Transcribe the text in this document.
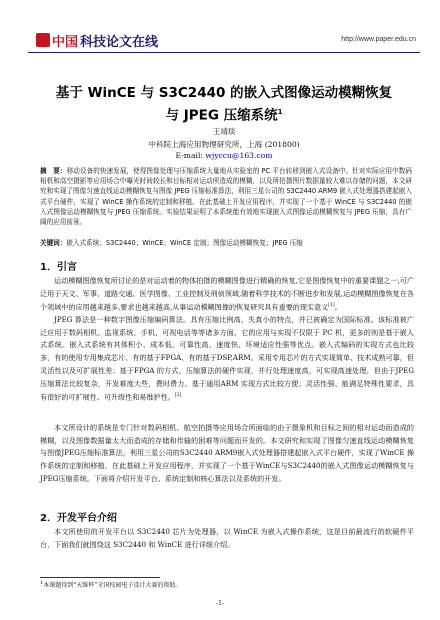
中国 科技论文在线	http://www.paper.edu.cn
基于 WinCE 与 S3C2440 的嵌入式图像运动模糊恢复
与 JPEG 压缩系统$^1$
王靖琰
中科院上海应用物理研究所，上海 (201800)
E-mail: wjyccu@163.com
摘　要：移动设备的快速发展，使得图像处理与压缩系统大量地从实验室的 PC 平台转移到嵌入式设备中。针对实际应用中数码相机和高空摄影等应用场合中曝光时间较长和目标相对运动所造成的模糊，以及所拍摄图片数据量较大难以存储的问题，本文研究和实现了图像匀速直线运动模糊恢复与图像 JPEG 压缩标准算法，利用三星公司的 S3C2440 ARM9 嵌入式处理器搭建起嵌入式平台硬件，实现了 WinCE 操作系统的定制和移植。在此基础上开发应用程序，并实现了一个基于 WinCE 与 S3C2440 的嵌入式图像运动模糊恢复与 JPEG 压缩系统。实验结果证明了本系统能有效地实现嵌入式图像运动模糊恢复与 JPEG 压缩，具有广阔的应用前景。
关键词：嵌入式系统；S3C2440；WinCE；WinCE 定制；图像运动模糊恢复；JPEG 压缩
1．引言
运动模糊图像恢复所讨论的是对运动着的物体拍摄的模糊图像进行精确的恢复,它是图像恢复中的重要课题之一,可广泛用于天文、军事、道路交通、医学图像、工业控制及刑侦领域,随着科学技术的不断进步和发展,运动模糊图像恢复在各个领域中的应用越来越多,要求也越来越高,从事运动模糊图像的恢复研究具有重要的现实意义[1]。
JPEG 算法是一种数字图像压缩编码算法。具有压缩比例高、失真小的特点，并已被确定为国际标准。该标准被广泛应用于数码相机、监视系统、手机、可视电话等等诸多方面。它的应用与实现不仅限于 PC 机，更多的则是基于嵌入式系统。嵌入式系统有其体积小、成本低、可靠性高、速度快、环境适应性强等优点。嵌入式编码的实现方式也比较多，有的使用专用集成芯片、有的基于FPGA、有的基于DSP,ARM。采用专用芯片的方式实现简单、技术成熟可靠，但灵活性以及可扩展性差；基于FPGA 的方式，压缩算法的硬件实现，并行处理速度高，可实现高速处理，但由于JPEG 压缩算法比较复杂，开发难度大些，费时费力。基于通用ARM 实现方式比较方便；灵活性强、能满足特殊性要求，具有很好的可扩展性、可升级性和易维护性。[2]
本文所设计的系统是专门针对数码相机、航空拍摄等应用场合所面临的由于摄象机和目标之间的相对运动而造成的模糊，以及图像数据量太大而造成的存储和传输的困难等问题而开发的。本文研究和实现了图像匀速直线运动模糊恢复与图像JPEG压缩标准算法，利用三星公司的S3C2440 ARM9嵌入式处理器搭建起嵌入式平台硬件，实现了WinCE 操作系统的定制和移植，在此基础上开发应用程序，并实现了一个基于WinCE与S3C2440的嵌入式图像运动模糊恢复与JPEG压缩系统。下面将介绍开发平台、系统定制和核心算法以及系统的开发。
2．开发平台介绍
本文所使用的开发平台以 S3C2440 芯片为处理器，以 WinCE 为嵌入式操作系统，这是目前最流行的软硬件平台，下面我们就围绕这 S3C2440 和 WinCE 进行详细介绍。
$^1$本课题得到“天维杯”全国校园电子设计大赛的资助。
-1-
